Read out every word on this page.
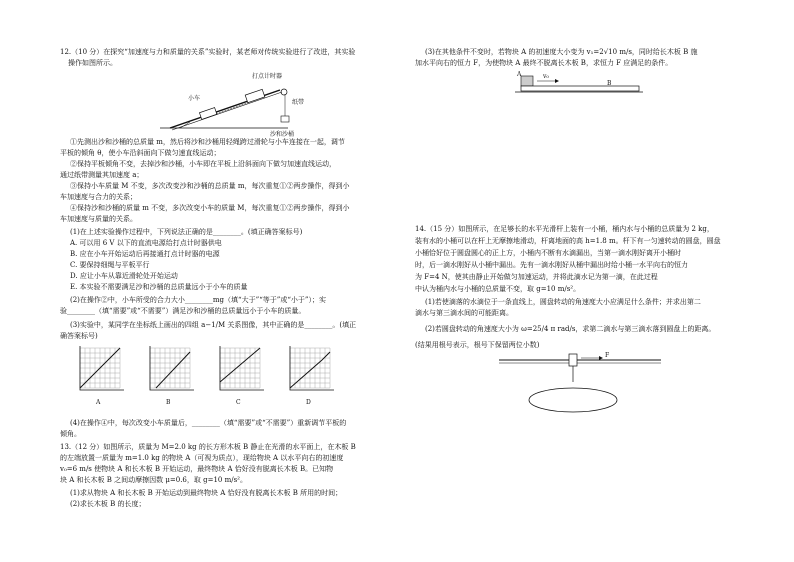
12.（10 分）在探究“加速度与力和质量的关系”实验时，某老师对传统实验进行了改进，其实验
操作如图所示。
打点计时器
小车
纸带
沙和沙桶
①先测出沙和沙桶的总质量 m，然后将沙和沙桶用轻绳跨过滑轮与小车连接在一起，调节
平板的倾角 θ，使小车沿斜面向下做匀速直线运动；
②保持平板倾角不变，去掉沙和沙桶，小车即在平板上沿斜面向下做匀加速直线运动，
通过纸带测量其加速度 a；
③保持小车质量 M 不变，多次改变沙和沙桶的总质量 m，每次重复①②两步操作，得到小
车加速度与合力的关系；
④保持沙和沙桶的质量 m 不变，多次改变小车的质量 M，每次重复①②两步操作，得到小
车加速度与质量的关系。
(1)在上述实验操作过程中，下列说法正确的是________。(填正确答案标号)
A. 可以用 6 V 以下的直流电源给打点计时器供电
B. 应在小车开始运动后再接通打点计时器的电源
C. 要保持细绳与平板平行
D. 应让小车从靠近滑轮处开始运动
E. 本实验不需要满足沙和沙桶的总质量远小于小车的质量
(2)在操作②中，小车所受的合力大小________mg（填“大于”“等于”或“小于”）；实
验________（填“需要”或“不需要”）满足沙和沙桶的总质量远小于小车的质量。
(3)实验中，某同学在坐标纸上画出的四组 a−1/M 关系图像，其中正确的是________。(填正
确答案标号)
A	B	C	D
(4)在操作④中，每次改变小车质量后，________（填“需要”或“不需要”）重新调节平板的
倾角。
13.（12 分）如图所示，质量为 M=2.0 kg 的长方形木板 B 静止在光滑的水平面上，在木板 B
的左端放置一质量为 m=1.0 kg 的物块 A（可视为质点），现给物块 A 以水平向右的初速度
v₀=6 m/s 使物块 A 和长木板 B 开始运动，最终物块 A 恰好没有脱离长木板 B。已知物
块 A 和长木板 B 之间动摩擦因数 μ=0.6，取 g=10 m/s²。
(1)求从物块 A 和长木板 B 开始运动到最终物块 A 恰好没有脱离长木板 B 所用的时间；
(2)求长木板 B 的长度；
(3)在其他条件不变时，若物块 A 的初速度大小变为 v₁=2√10 m/s，同时给长木板 B 施
加水平向右的恒力 F，为使物块 A 最终不脱离长木板 B，求恒力 F 应满足的条件。
A	v₀
B
14.（15 分）如图所示，在足够长的水平光滑杆上装有一小桶，桶内水与小桶的总质量为 2 kg，
装有水的小桶可以在杆上无摩擦地滑动，杆离地面的高 h=1.8 m。杆下有一匀速转动的圆盘，圆盘
小桶恰好位于圆盘圆心的正上方，小桶内不断有水滴漏出，当第一滴水刚好离开小桶时
时，后一滴水刚好从小桶中漏出。先有一滴水刚好从桶中漏出时给小桶一水平向右的恒力
为 F=4 N，使其由静止开始做匀加速运动，并将此滴水记为第一滴，在此过程
中认为桶内水与小桶的总质量不变，取 g=10 m/s²。
(1)若使滴落的水滴位于一条直线上，圆盘转动的角速度大小应满足什么条件；并求出第二
滴水与第三滴水间的可能距离。
(2)若圆盘转动的角速度大小为 ω=25/4 π rad/s，求第二滴水与第三滴水落到圆盘上的距离。
(结果用根号表示，根号下保留两位小数)
F
